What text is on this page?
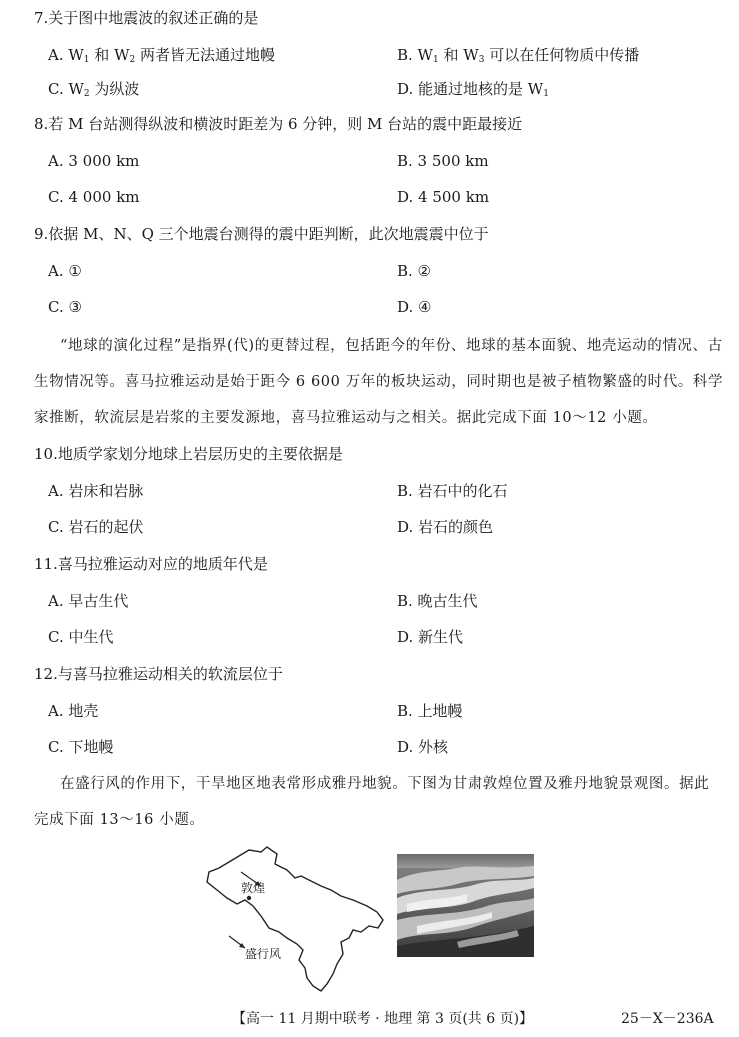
7.关于图中地震波的叙述正确的是
A. $W_1$ 和 $W_2$ 两者皆无法通过地幔	B. $W_1$ 和 $W_3$ 可以在任何物质中传播
C. $W_2$ 为纵波	D. 能通过地核的是 $W_1$
8.若 M 台站测得纵波和横波时距差为 6 分钟，则 M 台站的震中距最接近
A. 3 000 km	B. 3 500 km
C. 4 000 km	D. 4 500 km
9.依据 M、N、Q 三个地震台测得的震中距判断，此次地震震中位于
A. ①	B. ②
C. ③	D. ④
“地球的演化过程”是指界(代)的更替过程，包括距今的年份、地球的基本面貌、地壳运动的情况、古
生物情况等。喜马拉雅运动是始于距今 6 600 万年的板块运动，同时期也是被子植物繁盛的时代。科学
家推断，软流层是岩浆的主要发源地，喜马拉雅运动与之相关。据此完成下面 10～12 小题。
10.地质学家划分地球上岩层历史的主要依据是
A. 岩床和岩脉	B. 岩石中的化石
C. 岩石的起伏	D. 岩石的颜色
11.喜马拉雅运动对应的地质年代是
A. 早古生代	B. 晚古生代
C. 中生代	D. 新生代
12.与喜马拉雅运动相关的软流层位于
A. 地壳	B. 上地幔
C. 下地幔	D. 外核
在盛行风的作用下，干旱地区地表常形成雅丹地貌。下图为甘肃敦煌位置及雅丹地貌景观图。据此
完成下面 13～16 小题。
敦煌
盛行风
【高一 11 月期中联考 · 地理 第 3 页(共 6 页)】	25－X－236A
